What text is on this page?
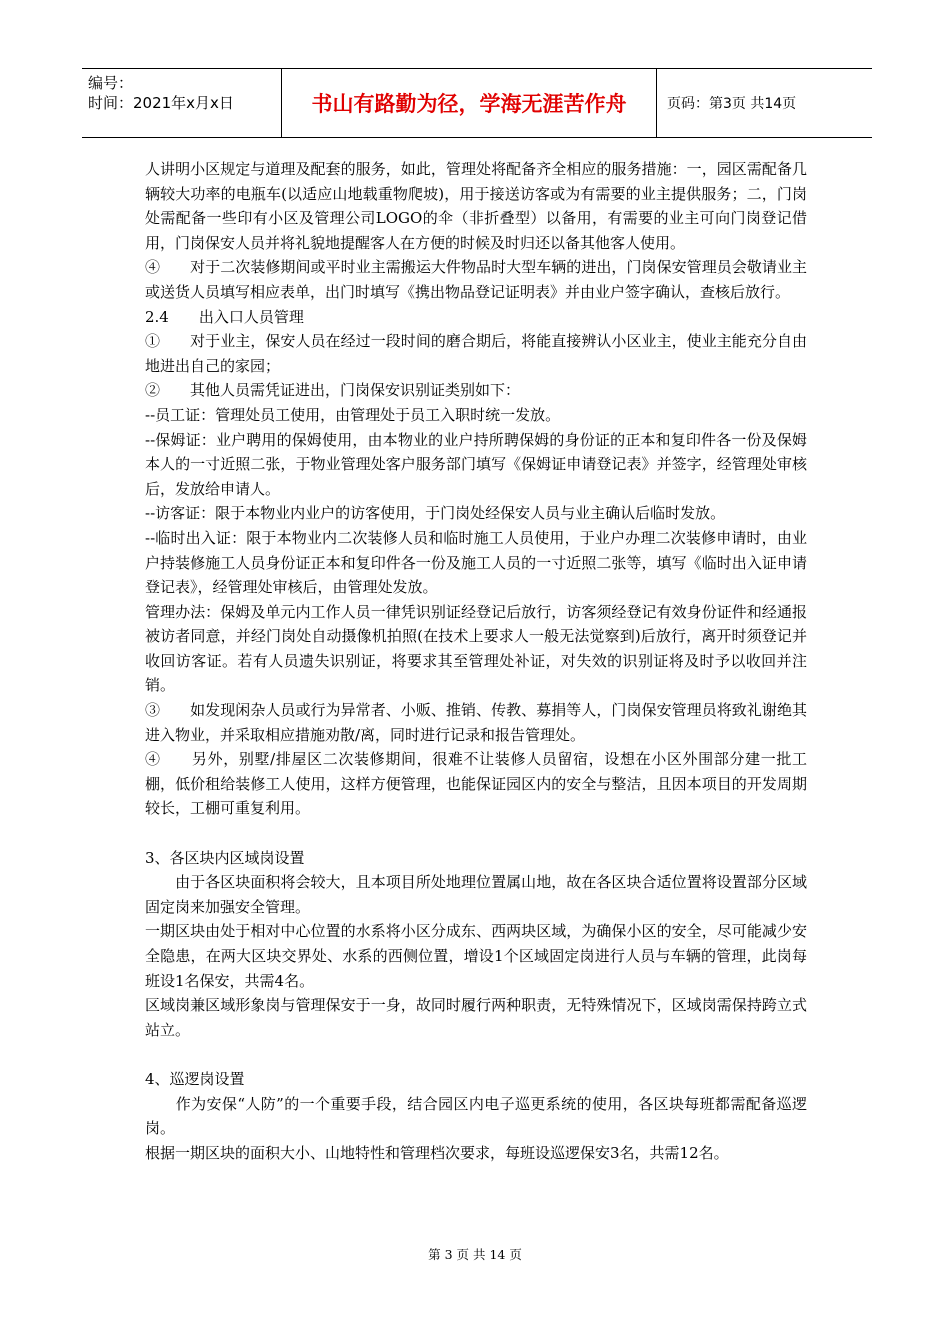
编号：
时间：2021年x月x日	书山有路勤为径，学海无涯苦作舟	页码：第3页 共14页

人讲明小区规定与道理及配套的服务，如此，管理处将配备齐全相应的服务措施：一，园区需配备几辆较大功率的电瓶车(以适应山地载重物爬坡)，用于接送访客或为有需要的业主提供服务；二，门岗处需配备一些印有小区及管理公司LOGO的伞（非折叠型）以备用，有需要的业主可向门岗登记借用，门岗保安人员并将礼貌地提醒客人在方便的时候及时归还以备其他客人使用。

④　　对于二次装修期间或平时业主需搬运大件物品时大型车辆的进出，门岗保安管理员会敬请业主或送货人员填写相应表单，出门时填写《携出物品登记证明表》并由业户签字确认，查核后放行。

2.4　　出入口人员管理

①　　对于业主，保安人员在经过一段时间的磨合期后，将能直接辨认小区业主，使业主能充分自由地进出自己的家园；

②　　其他人员需凭证进出，门岗保安识别证类别如下：

--员工证：管理处员工使用，由管理处于员工入职时统一发放。

--保姆证：业户聘用的保姆使用，由本物业的业户持所聘保姆的身份证的正本和复印件各一份及保姆本人的一寸近照二张，于物业管理处客户服务部门填写《保姆证申请登记表》并签字，经管理处审核后，发放给申请人。

--访客证：限于本物业内业户的访客使用，于门岗处经保安人员与业主确认后临时发放。

--临时出入证：限于本物业内二次装修人员和临时施工人员使用，于业户办理二次装修申请时，由业户持装修施工人员身份证正本和复印件各一份及施工人员的一寸近照二张等，填写《临时出入证申请登记表》，经管理处审核后，由管理处发放。

管理办法：保姆及单元内工作人员一律凭识别证经登记后放行，访客须经登记有效身份证件和经通报被访者同意，并经门岗处自动摄像机拍照(在技术上要求人一般无法觉察到)后放行，离开时须登记并收回访客证。若有人员遗失识别证，将要求其至管理处补证，对失效的识别证将及时予以收回并注销。

③　　如发现闲杂人员或行为异常者、小贩、推销、传教、募捐等人，门岗保安管理员将致礼谢绝其进入物业，并采取相应措施劝散/离，同时进行记录和报告管理处。

④　　另外，别墅/排屋区二次装修期间，很难不让装修人员留宿，设想在小区外围部分建一批工棚，低价租给装修工人使用，这样方便管理，也能保证园区内的安全与整洁，且因本项目的开发周期较长，工棚可重复利用。

3、各区块内区域岗设置

　　由于各区块面积将会较大，且本项目所处地理位置属山地，故在各区块合适位置将设置部分区域固定岗来加强安全管理。

一期区块由处于相对中心位置的水系将小区分成东、西两块区域，为确保小区的安全，尽可能减少安全隐患，在两大区块交界处、水系的西侧位置，增设1个区域固定岗进行人员与车辆的管理，此岗每班设1名保安，共需4名。

区域岗兼区域形象岗与管理保安于一身，故同时履行两种职责，无特殊情况下，区域岗需保持跨立式站立。

4、巡逻岗设置

　　作为安保“人防”的一个重要手段，结合园区内电子巡更系统的使用，各区块每班都需配备巡逻岗。

根据一期区块的面积大小、山地特性和管理档次要求，每班设巡逻保安3名，共需12名。

第 3 页 共 14 页
